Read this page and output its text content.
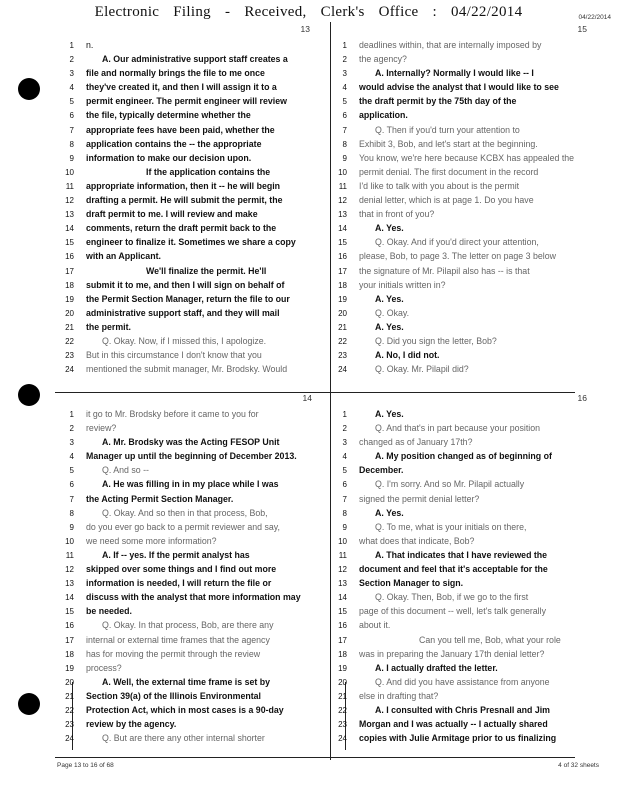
Electronic Filing - Received, Clerk's Office : 04/22/2014	04/22/2014
13
1 n.
2	A. Our administrative support staff creates a
3 file and normally brings the file to me once
4 they've created it, and then I will assign it to a
5 permit engineer. The permit engineer will review
6 the file, typically determine whether the
7 appropriate fees have been paid, whether the
8 application contains the -- the appropriate
9 information to make our decision upon.
10	If the application contains the
11 appropriate information, then it -- he will begin
12 drafting a permit. He will submit the permit, the
13 draft permit to me. I will review and make
14 comments, return the draft permit back to the
15 engineer to finalize it. Sometimes we share a copy
16 with an Applicant.
17	We'll finalize the permit. He'll
18 submit it to me, and then I will sign on behalf of
19 the Permit Section Manager, return the file to our
20 administrative support staff, and they will mail
21 the permit.
22	Q. Okay. Now, if I missed this, I apologize.
23 But in this circumstance I don't know that you
24 mentioned the submit manager, Mr. Brodsky. Would
15
1 deadlines within, that are internally imposed by
2 the agency?
3	A. Internally? Normally I would like -- I
4 would advise the analyst that I would like to see
5 the draft permit by the 75th day of the
6 application.
7	Q. Then if you'd turn your attention to
8 Exhibit 3, Bob, and let's start at the beginning.
9 You know, we're here because KCBX has appealed the
10 permit denial. The first document in the record
11 I'd like to talk with you about is the permit
12 denial letter, which is at page 1. Do you have
13 that in front of you?
14	A. Yes.
15	Q. Okay. And if you'd direct your attention,
16 please, Bob, to page 3. The letter on page 3 below
17 the signature of Mr. Pilapil also has -- is that
18 your initials written in?
19	A. Yes.
20	Q. Okay.
21	A. Yes.
22	Q. Did you sign the letter, Bob?
23	A. No, I did not.
24	Q. Okay. Mr. Pilapil did?
14
1 it go to Mr. Brodsky before it came to you for
2 review?
3	A. Mr. Brodsky was the Acting FESOP Unit
4 Manager up until the beginning of December 2013.
5	Q. And so --
6	A. He was filling in in my place while I was
7 the Acting Permit Section Manager.
8	Q. Okay. And so then in that process, Bob,
9 do you ever go back to a permit reviewer and say,
10 we need some more information?
11	A. If -- yes. If the permit analyst has
12 skipped over some things and I find out more
13 information is needed, I will return the file or
14 discuss with the analyst that more information may
15 be needed.
16	Q. Okay. In that process, Bob, are there any
17 internal or external time frames that the agency
18 has for moving the permit through the review
19 process?
20	A. Well, the external time frame is set by
21 Section 39(a) of the Illinois Environmental
22 Protection Act, which in most cases is a 90-day
23 review by the agency.
24	Q. But are there any other internal shorter
16
1	A. Yes.
2	Q. And that's in part because your position
3 changed as of January 17th?
4	A. My position changed as of beginning of
5 December.
6	Q. I'm sorry. And so Mr. Pilapil actually
7 signed the permit denial letter?
8	A. Yes.
9	Q. To me, what is your initials on there,
10 what does that indicate, Bob?
11	A. That indicates that I have reviewed the
12 document and feel that it's acceptable for the
13 Section Manager to sign.
14	Q. Okay. Then, Bob, if we go to the first
15 page of this document -- well, let's talk generally
16 about it.
17	Can you tell me, Bob, what your role
18 was in preparing the January 17th denial letter?
19	A. I actually drafted the letter.
20	Q. And did you have assistance from anyone
21 else in drafting that?
22	A. I consulted with Chris Presnall and Jim
23 Morgan and I was actually -- I actually shared
24 copies with Julie Armitage prior to us finalizing
Page 13 to 16 of 68	4 of 32 sheets
